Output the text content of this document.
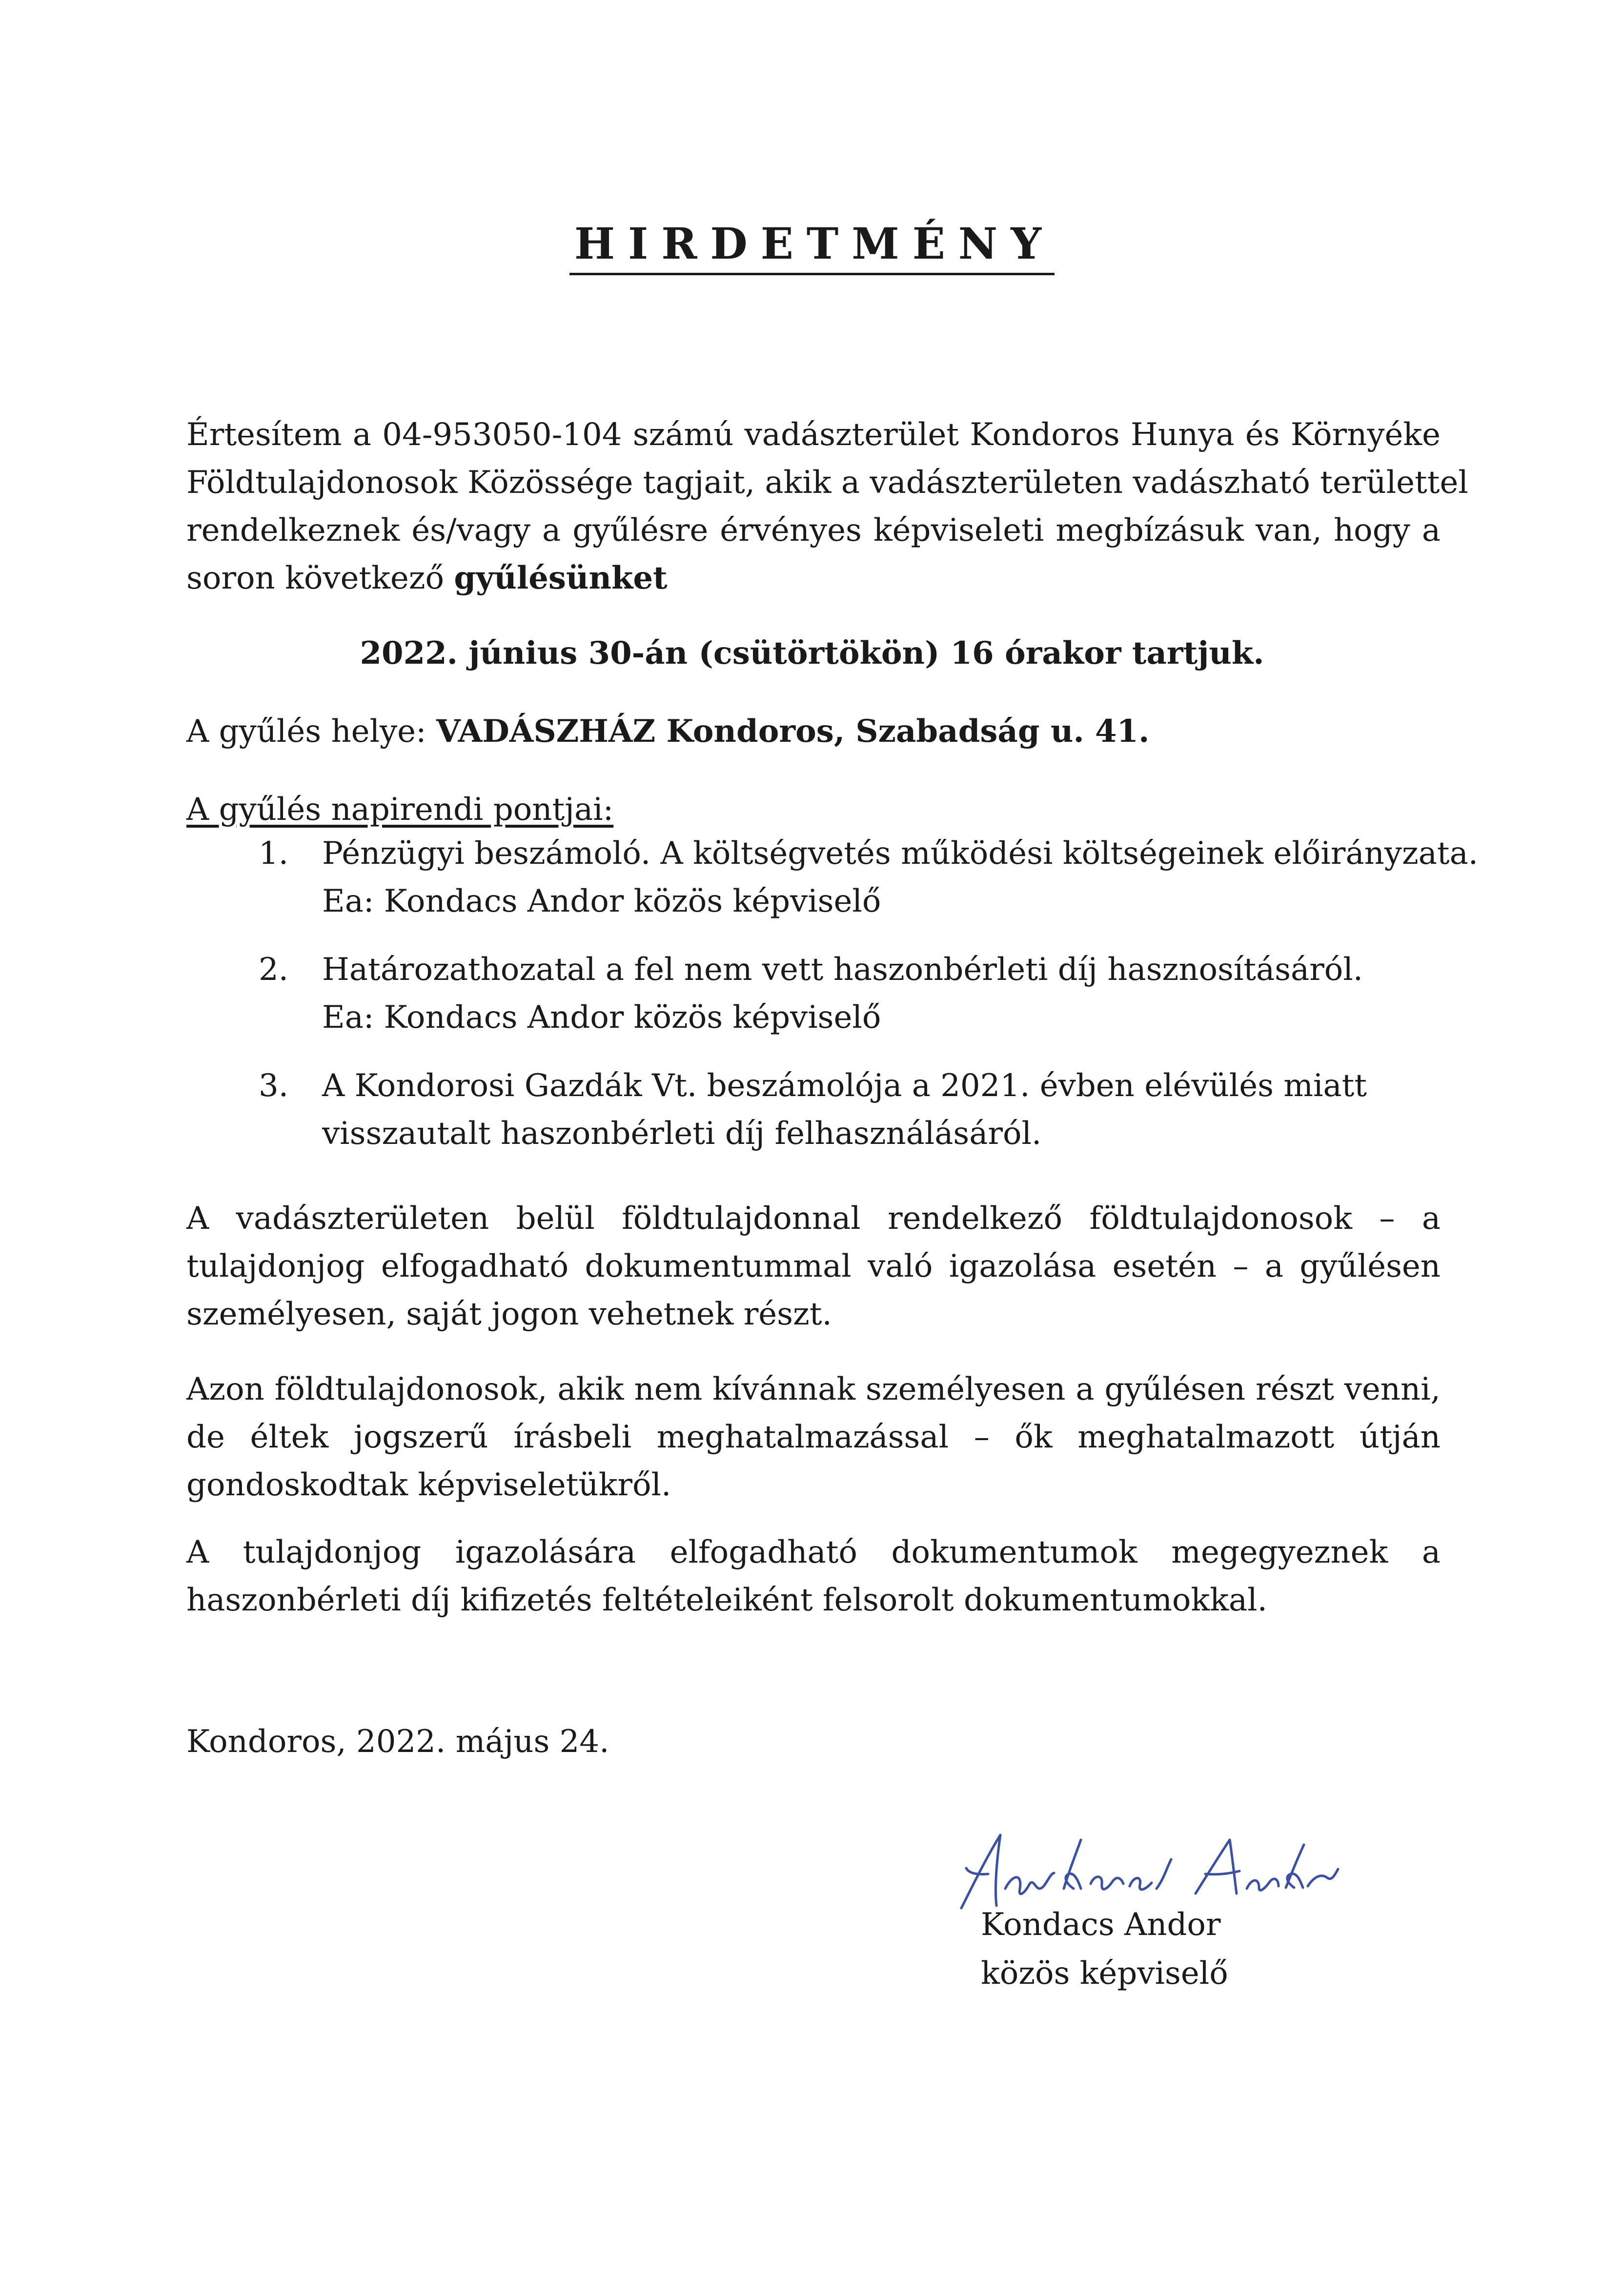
HIRDETMÉNY
Értesítem a 04-953050-104 számú vadászterület Kondoros Hunya és Környéke
Földtulajdonosok Közössége tagjait, akik a vadászterületen vadászható területtel
rendelkeznek és/vagy a gyűlésre érvényes képviseleti megbízásuk van, hogy a
soron következő gyűlésünket
2022. június 30-án (csütörtökön) 16 órakor tartjuk.
A gyűlés helye: VADÁSZHÁZ Kondoros, Szabadság u. 41.
A gyűlés napirendi pontjai:
1.	Pénzügyi beszámoló. A költségvetés működési költségeinek előirányzata.
Ea: Kondacs Andor közös képviselő
2.	Határozathozatal a fel nem vett haszonbérleti díj hasznosításáról.
Ea: Kondacs Andor közös képviselő
3.	A Kondorosi Gazdák Vt. beszámolója a 2021. évben elévülés miatt
visszautalt haszonbérleti díj felhasználásáról.
A vadászterületen belül földtulajdonnal rendelkező földtulajdonosok – a
tulajdonjog elfogadható dokumentummal való igazolása esetén – a gyűlésen
személyesen, saját jogon vehetnek részt.
Azon földtulajdonosok, akik nem kívánnak személyesen a gyűlésen részt venni,
de éltek jogszerű írásbeli meghatalmazással – ők meghatalmazott útján
gondoskodtak képviseletükről.
A tulajdonjog igazolására elfogadható dokumentumok megegyeznek a
haszonbérleti díj kifizetés feltételeiként felsorolt dokumentumokkal.
Kondoros, 2022. május 24.
Kondacs Andor
közös képviselő
